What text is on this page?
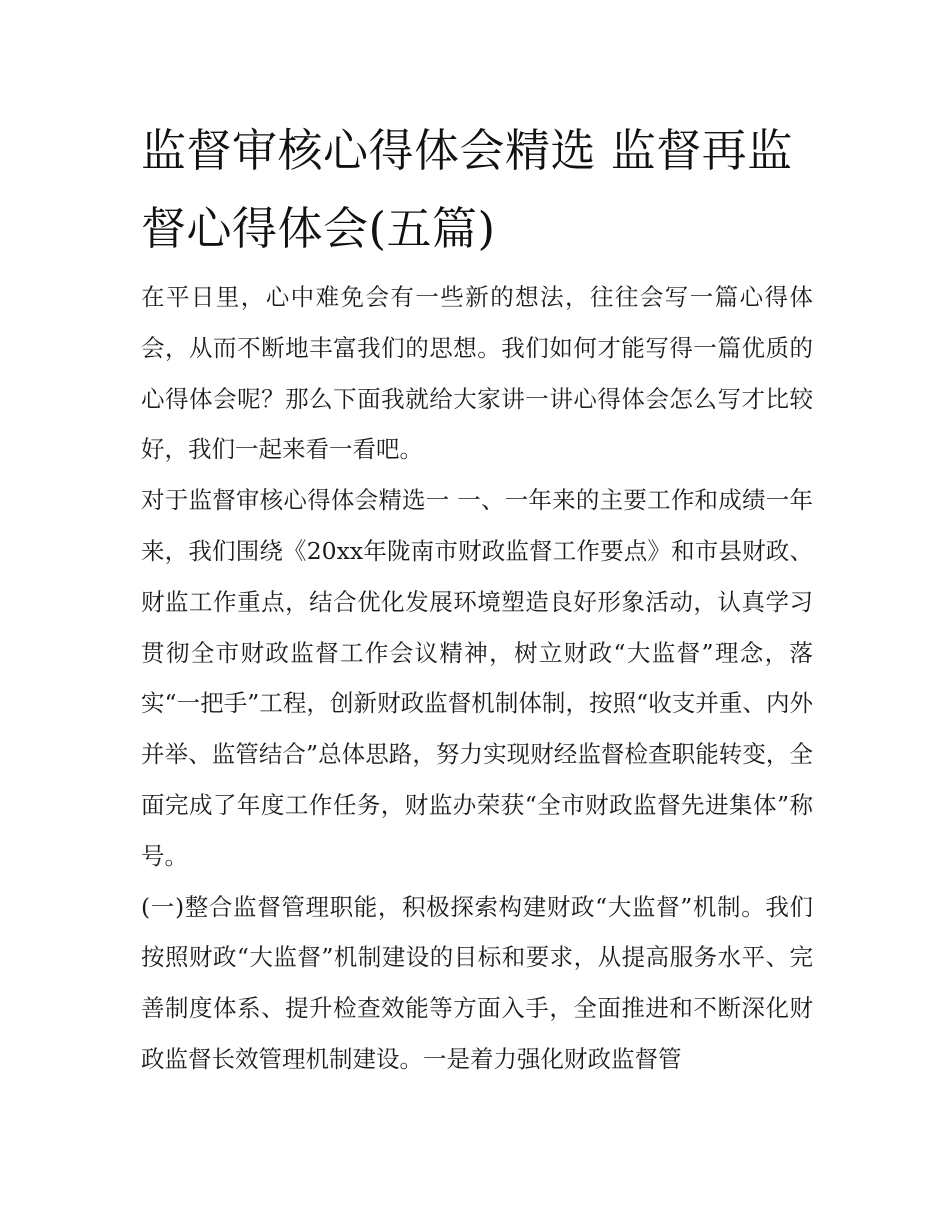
监督审核心得体会精选 监督再监督心得体会(五篇)

在平日里，心中难免会有一些新的想法，往往会写一篇心得体会，从而不断地丰富我们的思想。我们如何才能写得一篇优质的心得体会呢？那么下面我就给大家讲一讲心得体会怎么写才比较好，我们一起来看一看吧。

对于监督审核心得体会精选一 一、一年来的主要工作和成绩一年来，我们围绕《20xx年陇南市财政监督工作要点》和市县财政、财监工作重点，结合优化发展环境塑造良好形象活动，认真学习贯彻全市财政监督工作会议精神，树立财政“大监督”理念，落实“一把手”工程，创新财政监督机制体制，按照“收支并重、内外并举、监管结合”总体思路，努力实现财经监督检查职能转变，全面完成了年度工作任务，财监办荣获“全市财政监督先进集体”称号。

(一)整合监督管理职能，积极探索构建财政“大监督”机制。我们按照财政“大监督”机制建设的目标和要求，从提高服务水平、完善制度体系、提升检查效能等方面入手，全面推进和不断深化财政监督长效管理机制建设。一是着力强化财政监督管
